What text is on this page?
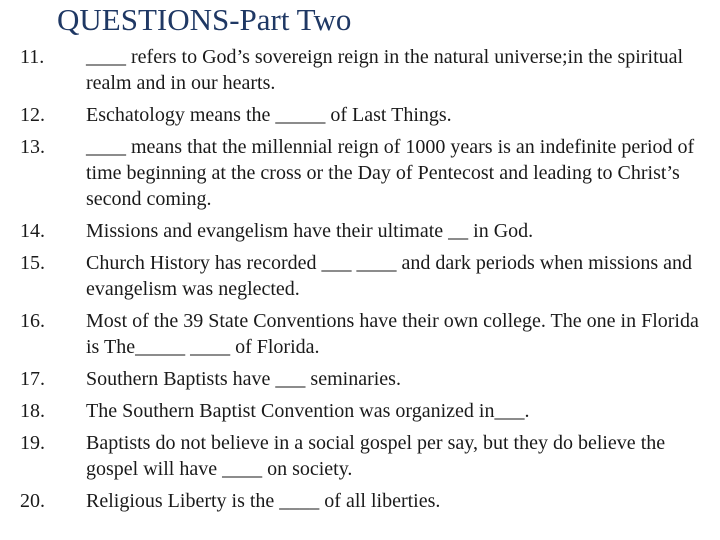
QUESTIONS-Part Two
11.	____ refers to God’s sovereign reign in the natural universe;in the spiritual realm and in our hearts.
12.	Eschatology means the _____ of Last Things.
13.	____ means that the millennial reign of 1000 years is an indefinite period of time beginning at the cross or the Day of Pentecost and leading to Christ’s second coming.
14.	Missions and evangelism have their ultimate __ in God.
15.	Church History has recorded ___ ____ and dark periods when missions and evangelism was neglected.
16.	Most of the 39 State Conventions have their own college. The one in Florida is The_____ ____ of Florida.
17.	Southern Baptists have ___ seminaries.
18.	The Southern Baptist Convention was organized in___.
19.	Baptists do not believe in a social gospel per say, but they do believe the gospel will have ____ on society.
20.	Religious Liberty is the ____ of all liberties.
